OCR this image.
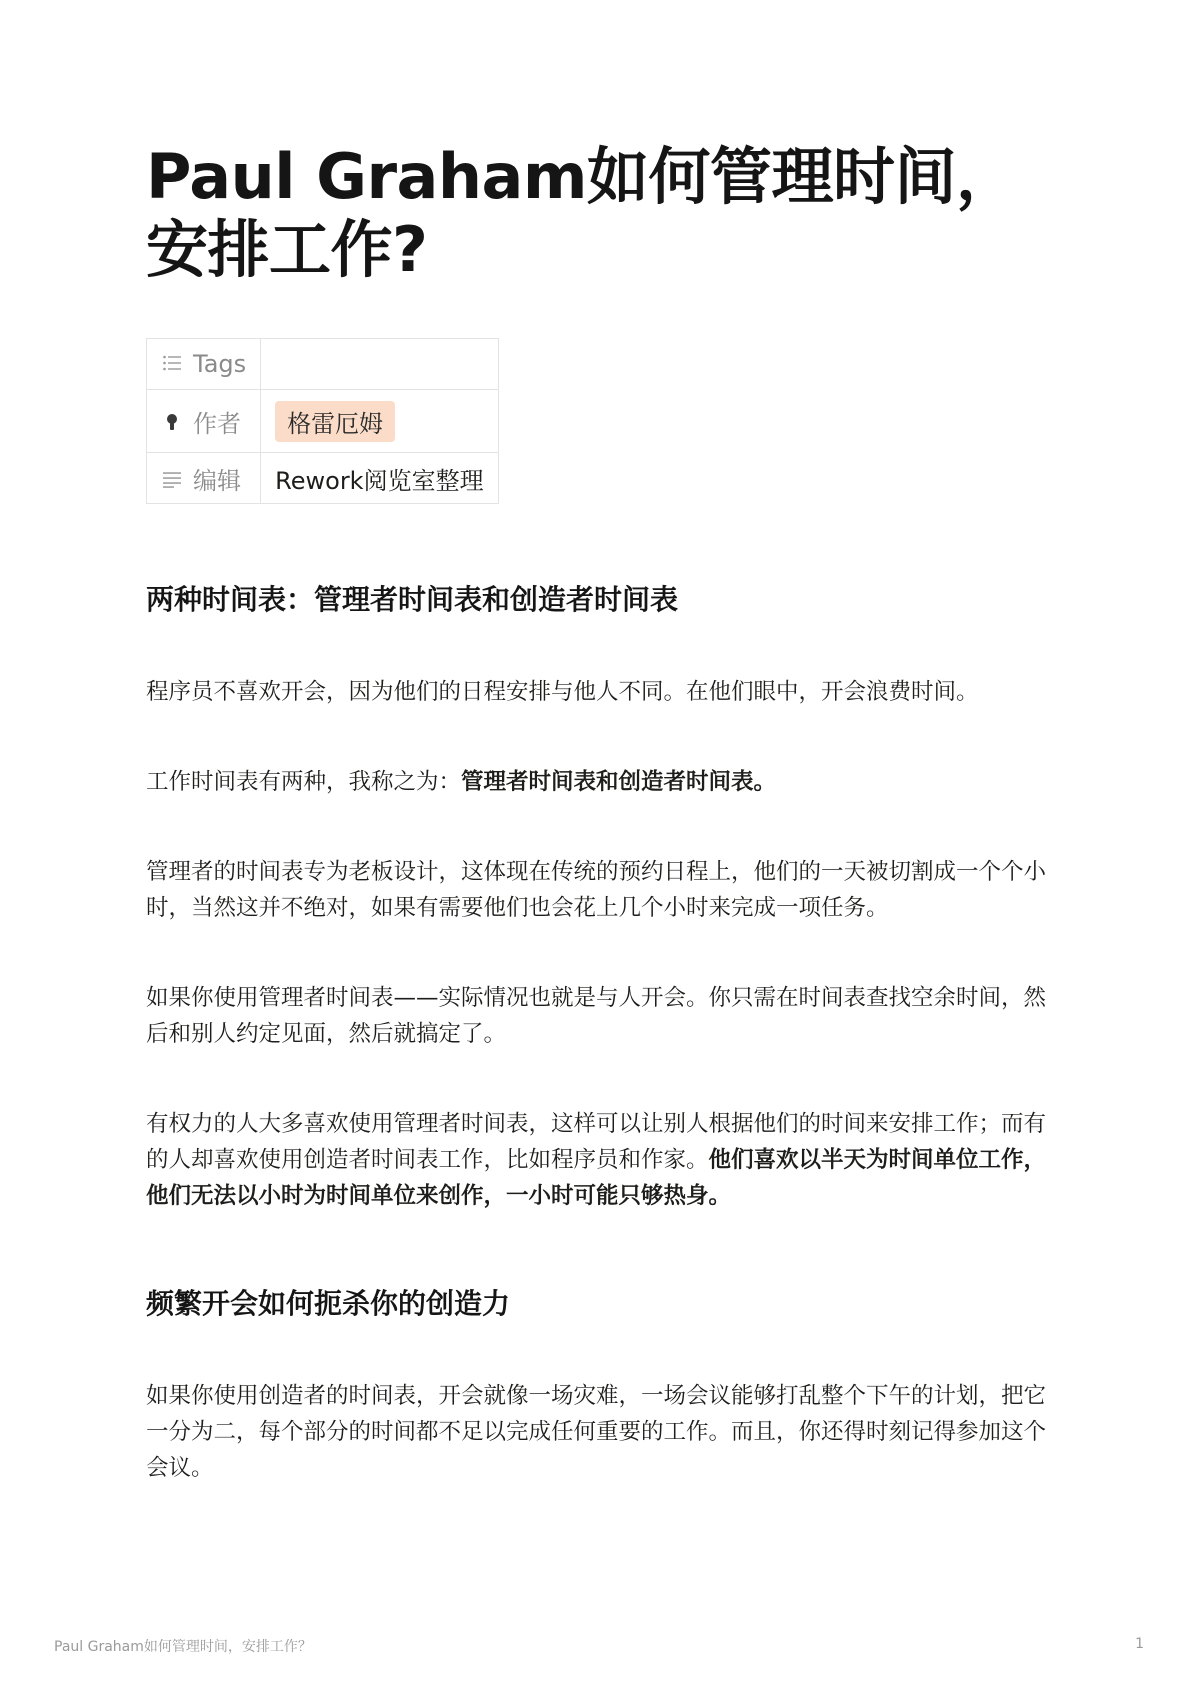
Paul Graham如何管理时间，安排工作?
Tags	
作者	格雷厄姆
编辑	Rework阅览室整理
两种时间表：管理者时间表和创造者时间表

程序员不喜欢开会，因为他们的日程安排与他人不同。在他们眼中，开会浪费时间。

工作时间表有两种，我称之为：管理者时间表和创造者时间表。

管理者的时间表专为老板设计，这体现在传统的预约日程上，他们的一天被切割成一个个小时，当然这并不绝对，如果有需要他们也会花上几个小时来完成一项任务。

如果你使用管理者时间表——实际情况也就是与人开会。你只需在时间表查找空余时间，然后和别人约定见面，然后就搞定了。

有权力的人大多喜欢使用管理者时间表，这样可以让别人根据他们的时间来安排工作；而有的人却喜欢使用创造者时间表工作，比如程序员和作家。他们喜欢以半天为时间单位工作，他们无法以小时为时间单位来创作，一小时可能只够热身。

频繁开会如何扼杀你的创造力

如果你使用创造者的时间表，开会就像一场灾难，一场会议能够打乱整个下午的计划，把它一分为二，每个部分的时间都不足以完成任何重要的工作。而且，你还得时刻记得参加这个会议。

Paul Graham如何管理时间，安排工作？	1
